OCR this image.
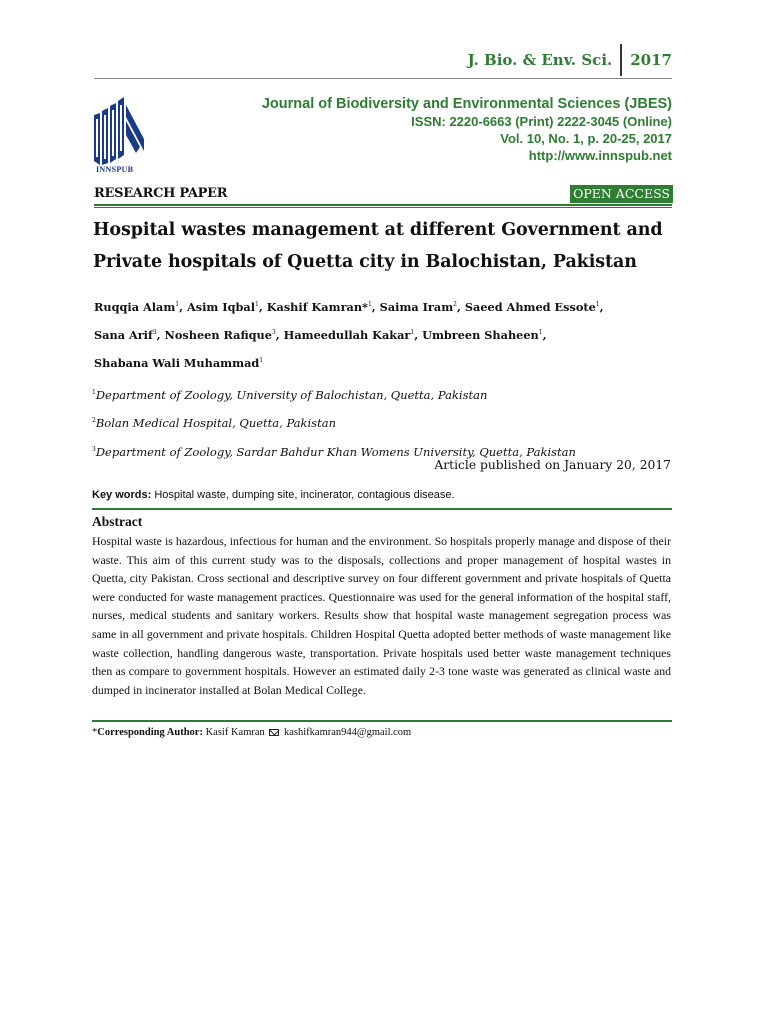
J. Bio. & Env. Sci.	2017
INNSPUB
Journal of Biodiversity and Environmental Sciences (JBES)
ISSN: 2220-6663 (Print) 2222-3045 (Online)
Vol. 10, No. 1, p. 20-25, 2017
http://www.innspub.net
RESEARCH PAPER	OPEN ACCESS
Hospital wastes management at different Government and
Private hospitals of Quetta city in Balochistan, Pakistan
Ruqqia Alam$^1$, Asim Iqbal$^1$, Kashif Kamran*$^1$, Saima Iram$^2$, Saeed Ahmed Essote$^1$,
Sana Arif$^3$, Nosheen Rafique$^3$, Hameedullah Kakar$^1$, Umbreen Shaheen$^1$,
Shabana Wali Muhammad$^1$
$^1$Department of Zoology, University of Balochistan, Quetta, Pakistan
$^2$Bolan Medical Hospital, Quetta, Pakistan
$^3$Department of Zoology, Sardar Bahdur Khan Womens University, Quetta, Pakistan
Article published on January 20, 2017
Key words: Hospital waste, dumping site, incinerator, contagious disease.
Abstract
Hospital waste is hazardous, infectious for human and the environment. So hospitals properly manage and dispose of their waste. This aim of this current study was to the disposals, collections and proper management of hospital wastes in Quetta, city Pakistan. Cross sectional and descriptive survey on four different government and private hospitals of Quetta were conducted for waste management practices. Questionnaire was used for the general information of the hospital staff, nurses, medical students and sanitary workers. Results show that hospital waste management segregation process was same in all government and private hospitals. Children Hospital Quetta adopted better methods of waste management like waste collection, handling dangerous waste, transportation. Private hospitals used better waste management techniques then as compare to government hospitals. However an estimated daily 2-3 tone waste was generated as clinical waste and dumped in incinerator installed at Bolan Medical College.
*Corresponding Author: Kasif Kamran kashifkamran944@gmail.com
